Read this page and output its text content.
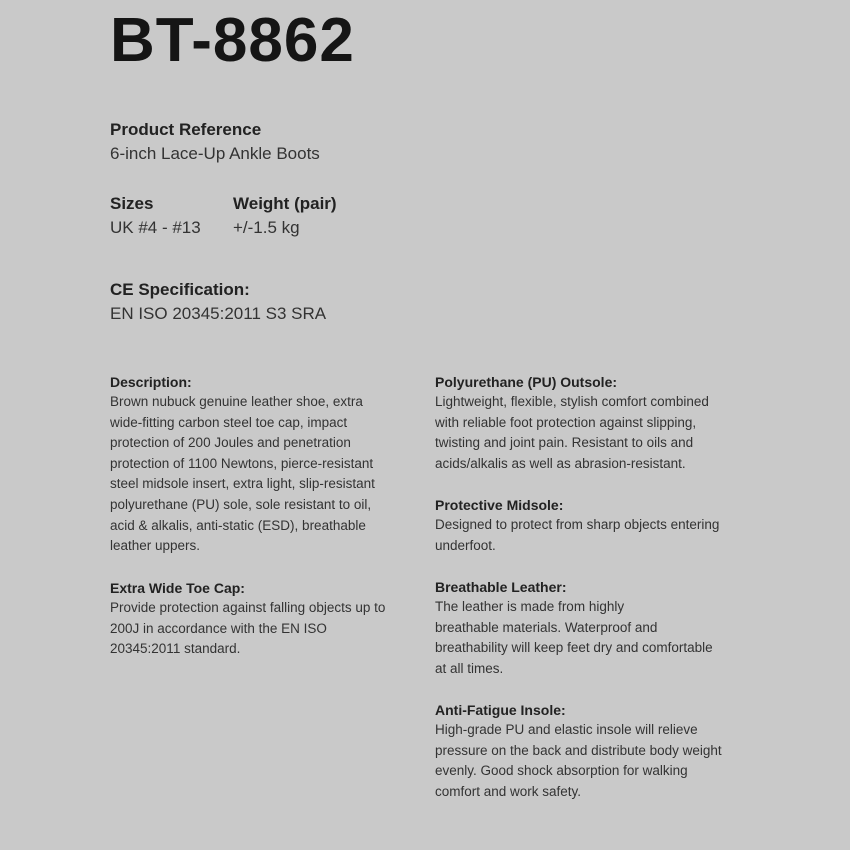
BT-8862
Product Reference
6-inch Lace-Up Ankle Boots
Sizes
UK #4 - #13
Weight (pair)
+/-1.5 kg
CE Specification:
EN ISO 20345:2011 S3 SRA
Description:
Brown nubuck genuine leather shoe, extra
wide-fitting carbon steel toe cap, impact
protection of 200 Joules and penetration
protection of 1100 Newtons, pierce-resistant
steel midsole insert, extra light, slip-resistant
polyurethane (PU) sole, sole resistant to oil,
acid & alkalis, anti-static (ESD), breathable
leather uppers.
Extra Wide Toe Cap:
Provide protection against falling objects up to
200J in accordance with the EN ISO
20345:2011 standard.
Polyurethane (PU) Outsole:
Lightweight, flexible, stylish comfort combined
with reliable foot protection against slipping,
twisting and joint pain. Resistant to oils and
acids/alkalis as well as abrasion-resistant.
Protective Midsole:
Designed to protect from sharp objects entering
underfoot.
Breathable Leather:
The leather is made from highly
breathable materials. Waterproof and
breathability will keep feet dry and comfortable
at all times.
Anti-Fatigue Insole:
High-grade PU and elastic insole will relieve
pressure on the back and distribute body weight
evenly. Good shock absorption for walking
comfort and work safety.
